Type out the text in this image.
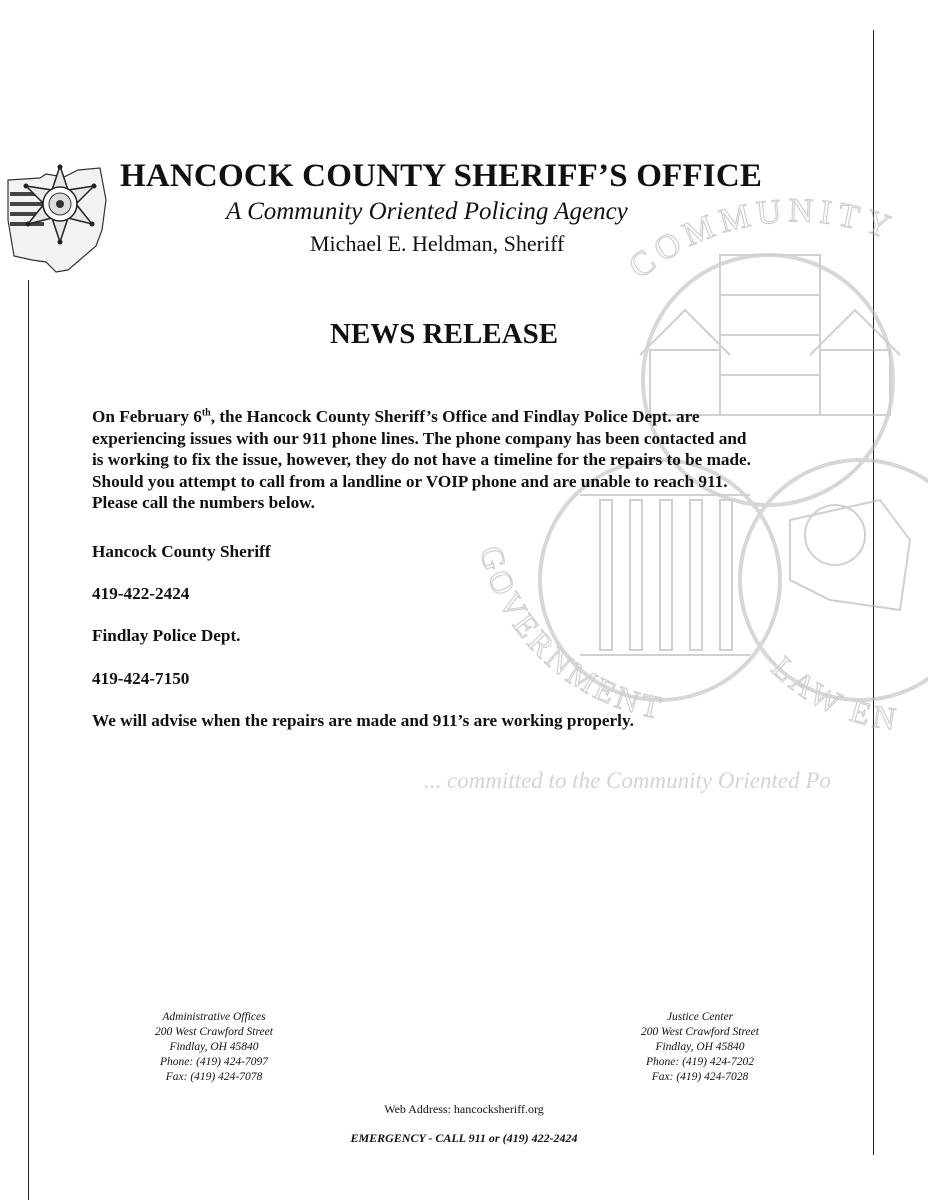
COMMUNITY
GOVERNMENT
LAW EN
... committed to the Community Oriented Po
HANCOCK COUNTY SHERIFF’S OFFICE
A Community Oriented Policing Agency
Michael E. Heldman, Sheriff
NEWS RELEASE
On February 6th, the Hancock County Sheriff’s Office and Findlay Police Dept. are
experiencing issues with our 911 phone lines. The phone company has been contacted and
is working to fix the issue, however, they do not have a timeline for the repairs to be made.
Should you attempt to call from a landline or VOIP phone and are unable to reach 911.
Please call the numbers below.
Hancock County Sheriff
419-422-2424
Findlay Police Dept.
419-424-7150
We will advise when the repairs are made and 911’s are working properly.
Administrative Offices
200 West Crawford Street
Findlay, OH 45840
Phone: (419) 424-7097
Fax: (419) 424-7078
Justice Center
200 West Crawford Street
Findlay, OH 45840
Phone: (419) 424-7202
Fax: (419) 424-7028
Web Address: hancocksheriff.org
EMERGENCY - CALL 911 or (419) 422-2424
